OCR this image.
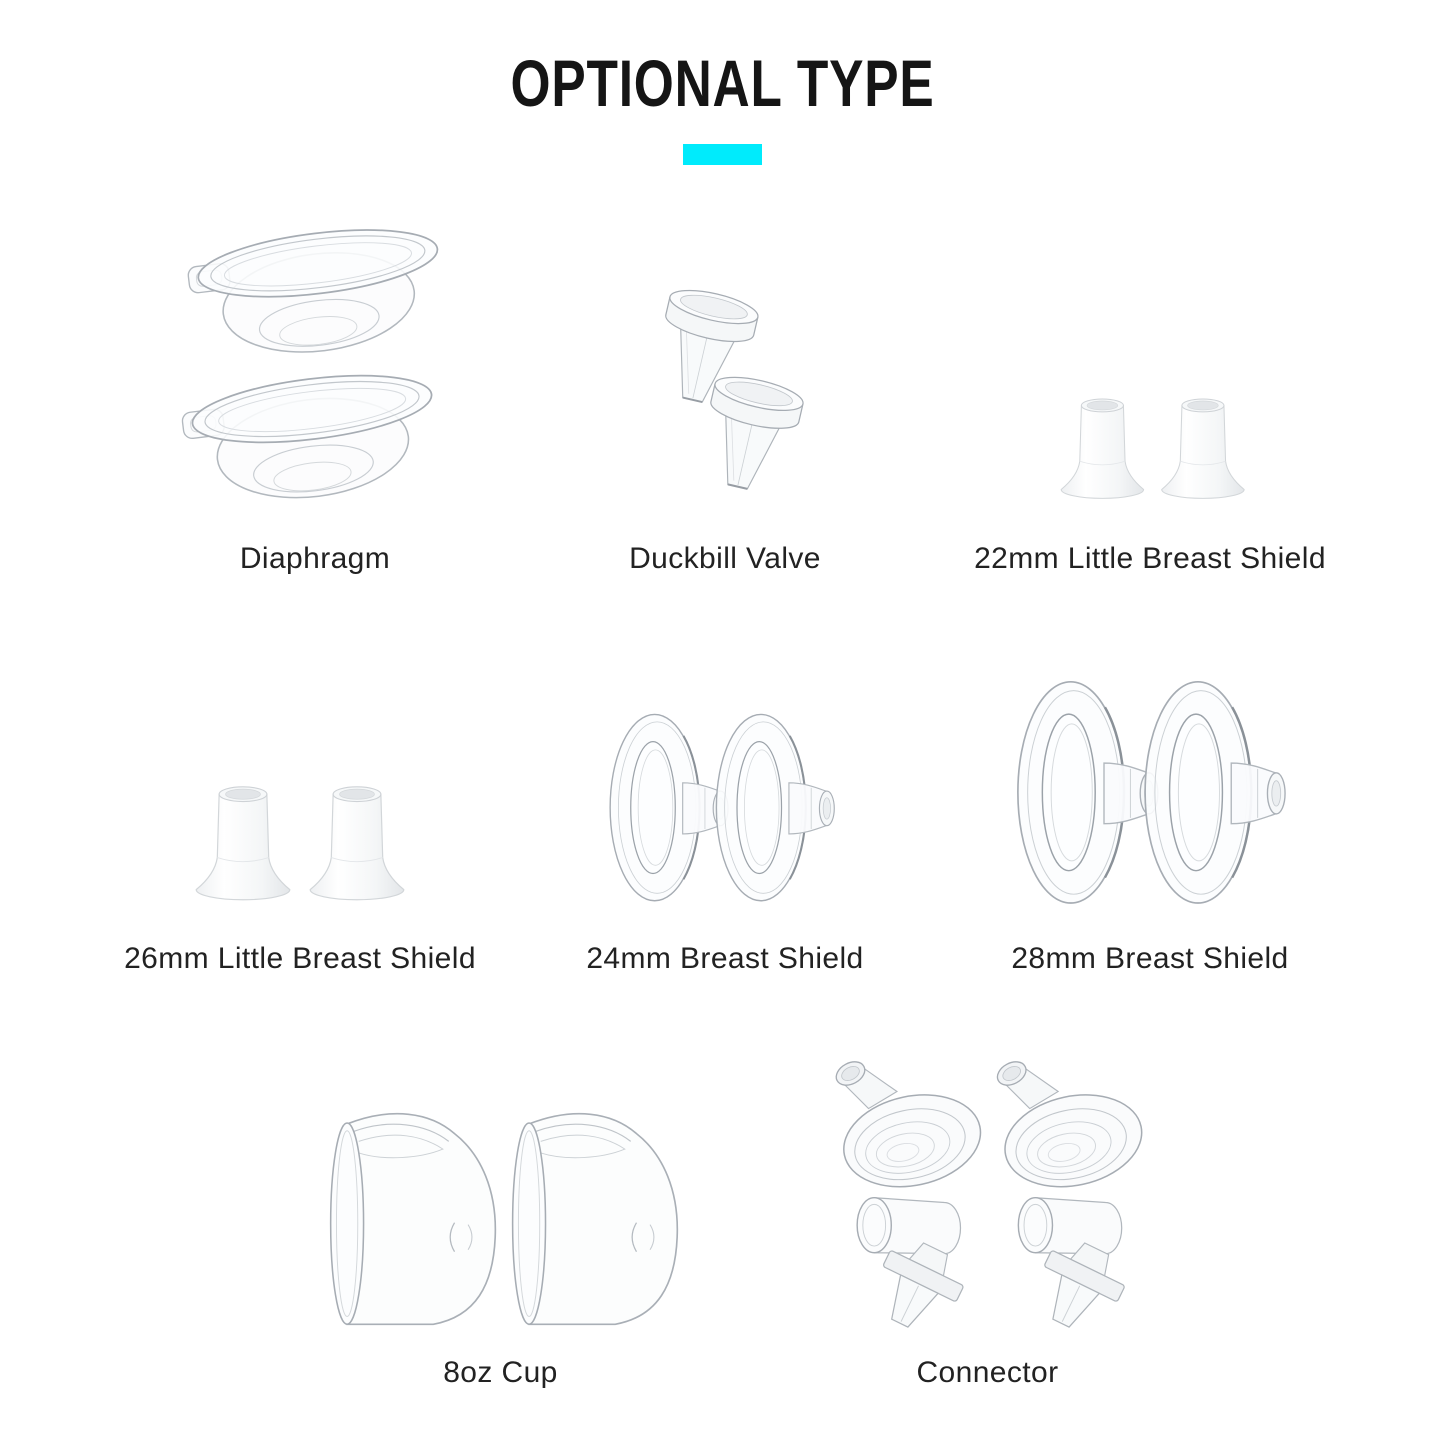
OPTIONAL TYPE
Diaphragm	Duckbill Valve	22mm Little Breast Shield
26mm Little Breast Shield	24mm Breast Shield	28mm Breast Shield
8oz Cup	Connector
